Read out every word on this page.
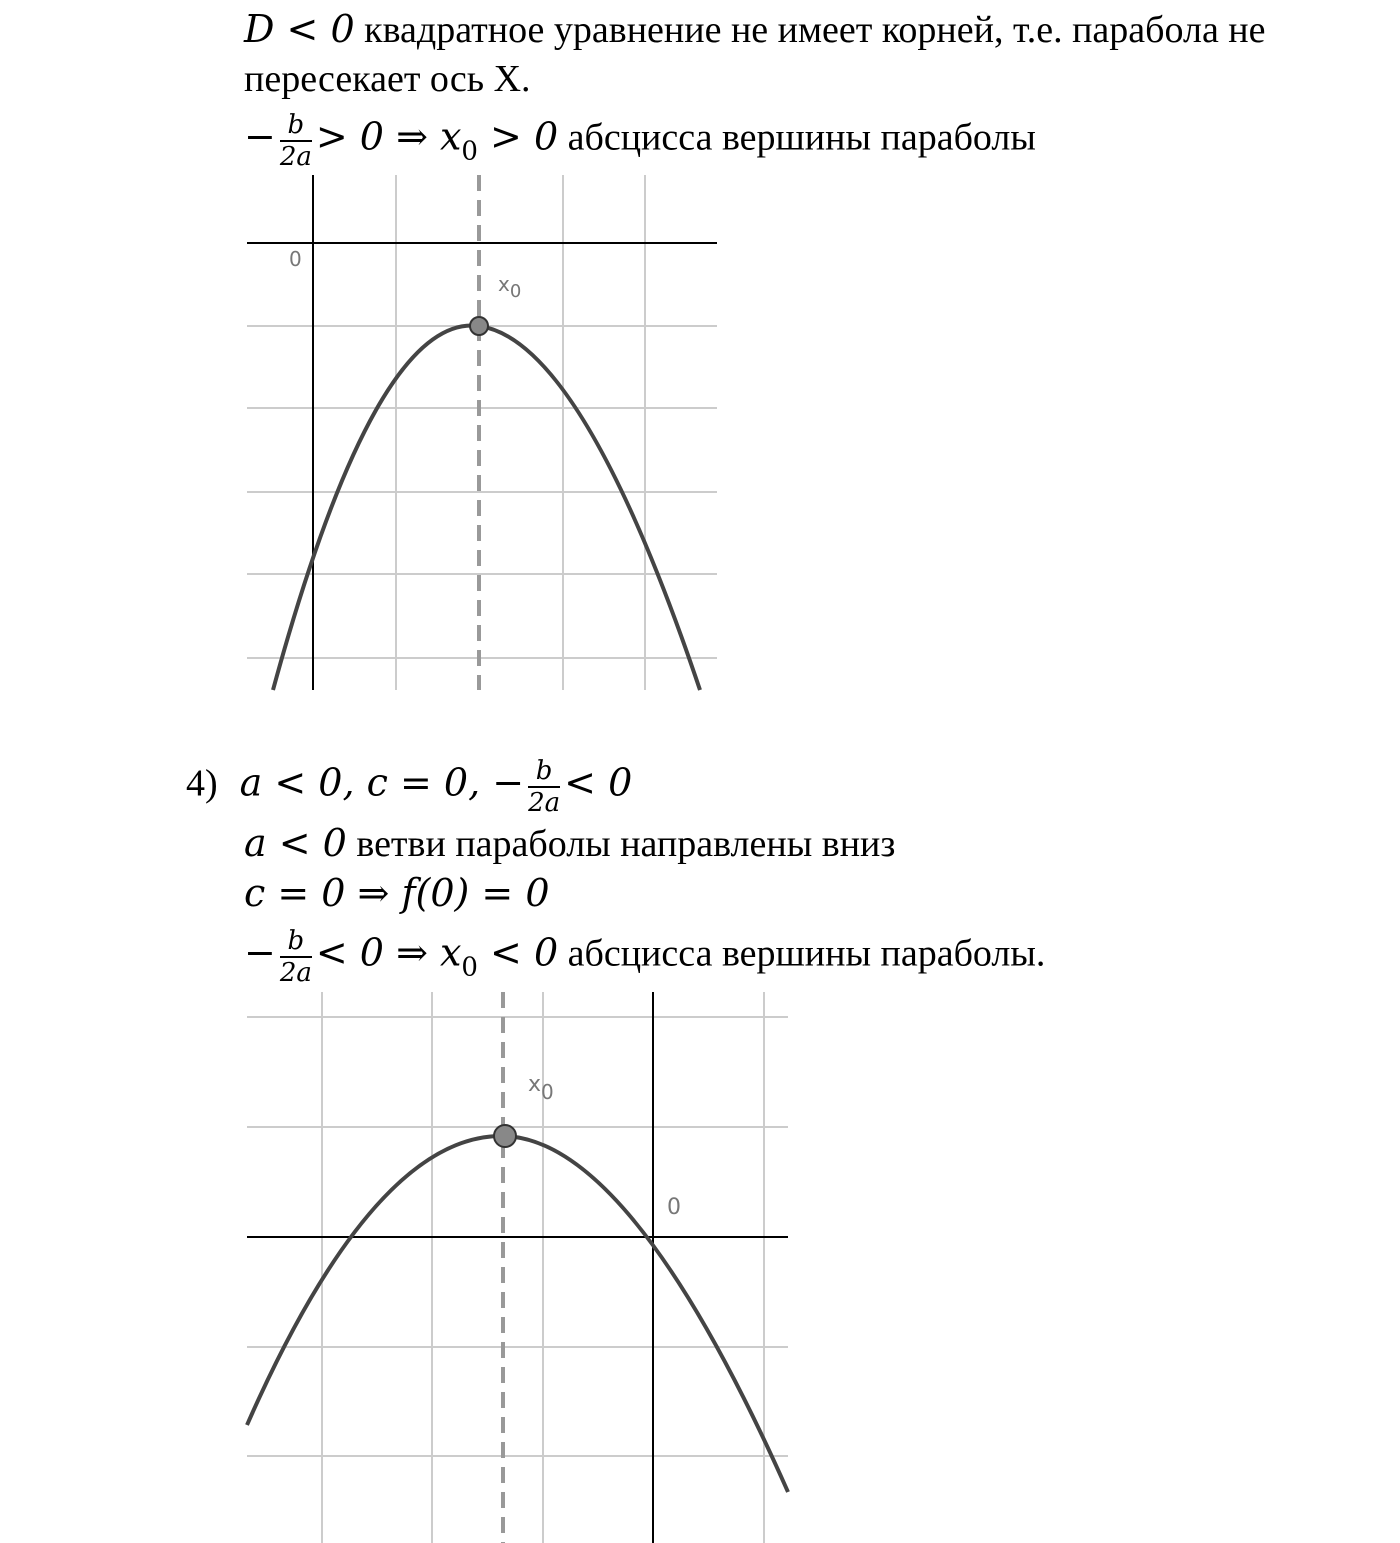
D < 0 квадратное уравнение не имеет корней, т.е. парабола не
пересекает ось X.
− $\frac{b}{2a} > 0$ ⇒ $x_0 > 0$ абсцисса вершины параболы
0
x0
4) a < 0, c = 0, − $\frac{b}{2a} < 0$
a < 0 ветви параболы направлены вниз
c = 0 ⇒ f(0) = 0
− $\frac{b}{2a} < 0$ ⇒ $x_0 < 0$ абсцисса вершины параболы.
0
x0
